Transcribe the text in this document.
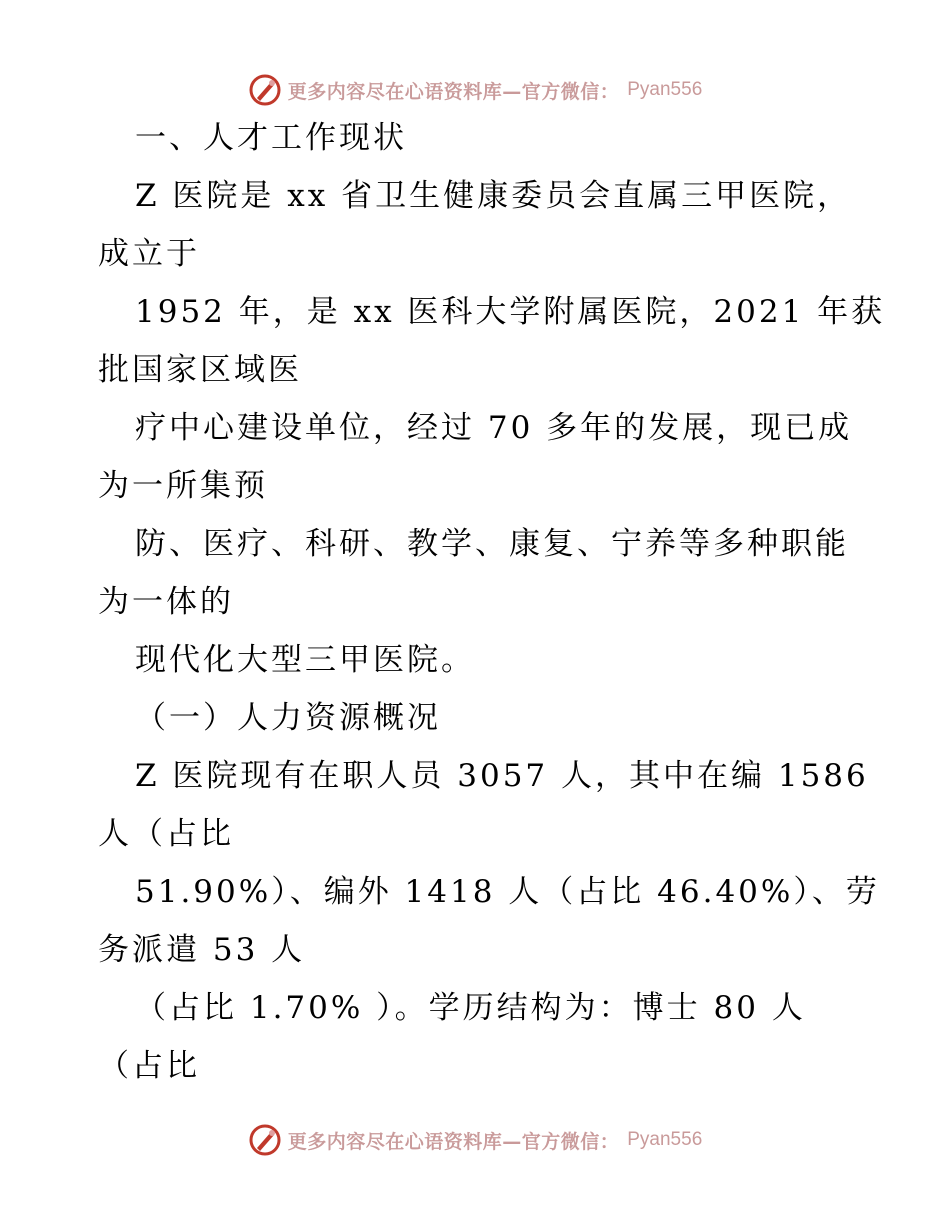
更多内容尽在心语资料库—官方微信： Pyan556
一、人才工作现状
Z 医院是 xx 省卫生健康委员会直属三甲医院，
成立于
1952 年，是 xx 医科大学附属医院，2021 年获
批国家区域医
疗中心建设单位，经过 70 多年的发展，现已成
为一所集预
防、医疗、科研、教学、康复、宁养等多种职能
为一体的
现代化大型三甲医院。
（一）人力资源概况
Z 医院现有在职人员 3057 人，其中在编 1586
人（占比
51.90%）、编外 1418 人（占比 46.40%）、劳
务派遣 53 人
（占比 1.70% ）。学历结构为：博士 80 人
（占比
更多内容尽在心语资料库—官方微信： Pyan556
